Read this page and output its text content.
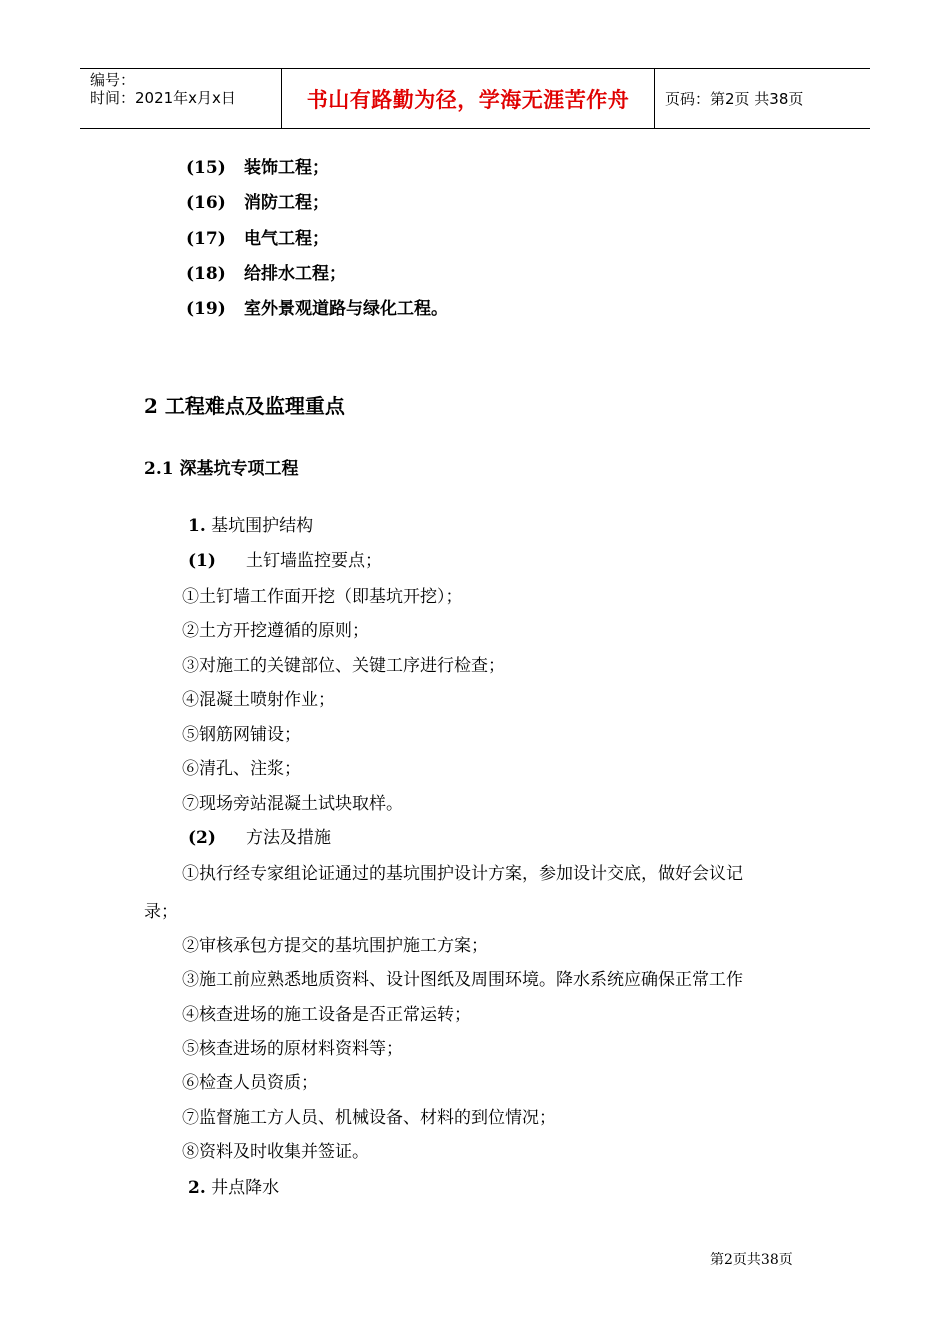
编号：
时间：2021年x月x日	书山有路勤为径，学海无涯苦作舟	页码：第2页 共38页
(15) 装饰工程；
(16) 消防工程；
(17) 电气工程；
(18) 给排水工程；
(19) 室外景观道路与绿化工程。
2 工程难点及监理重点
2.1 深基坑专项工程
1. 基坑围护结构
(1) 土钉墙监控要点；
①土钉墙工作面开挖（即基坑开挖）；
②土方开挖遵循的原则；
③对施工的关键部位、关键工序进行检查；
④混凝土喷射作业；
⑤钢筋网铺设；
⑥清孔、注浆；
⑦现场旁站混凝土试块取样。
(2) 方法及措施
①执行经专家组论证通过的基坑围护设计方案，参加设计交底，做好会议记
录；
②审核承包方提交的基坑围护施工方案；
③施工前应熟悉地质资料、设计图纸及周围环境。降水系统应确保正常工作
④核查进场的施工设备是否正常运转；
⑤核查进场的原材料资料等；
⑥检查人员资质；
⑦监督施工方人员、机械设备、材料的到位情况；
⑧资料及时收集并签证。
2. 井点降水
第2页共38页
